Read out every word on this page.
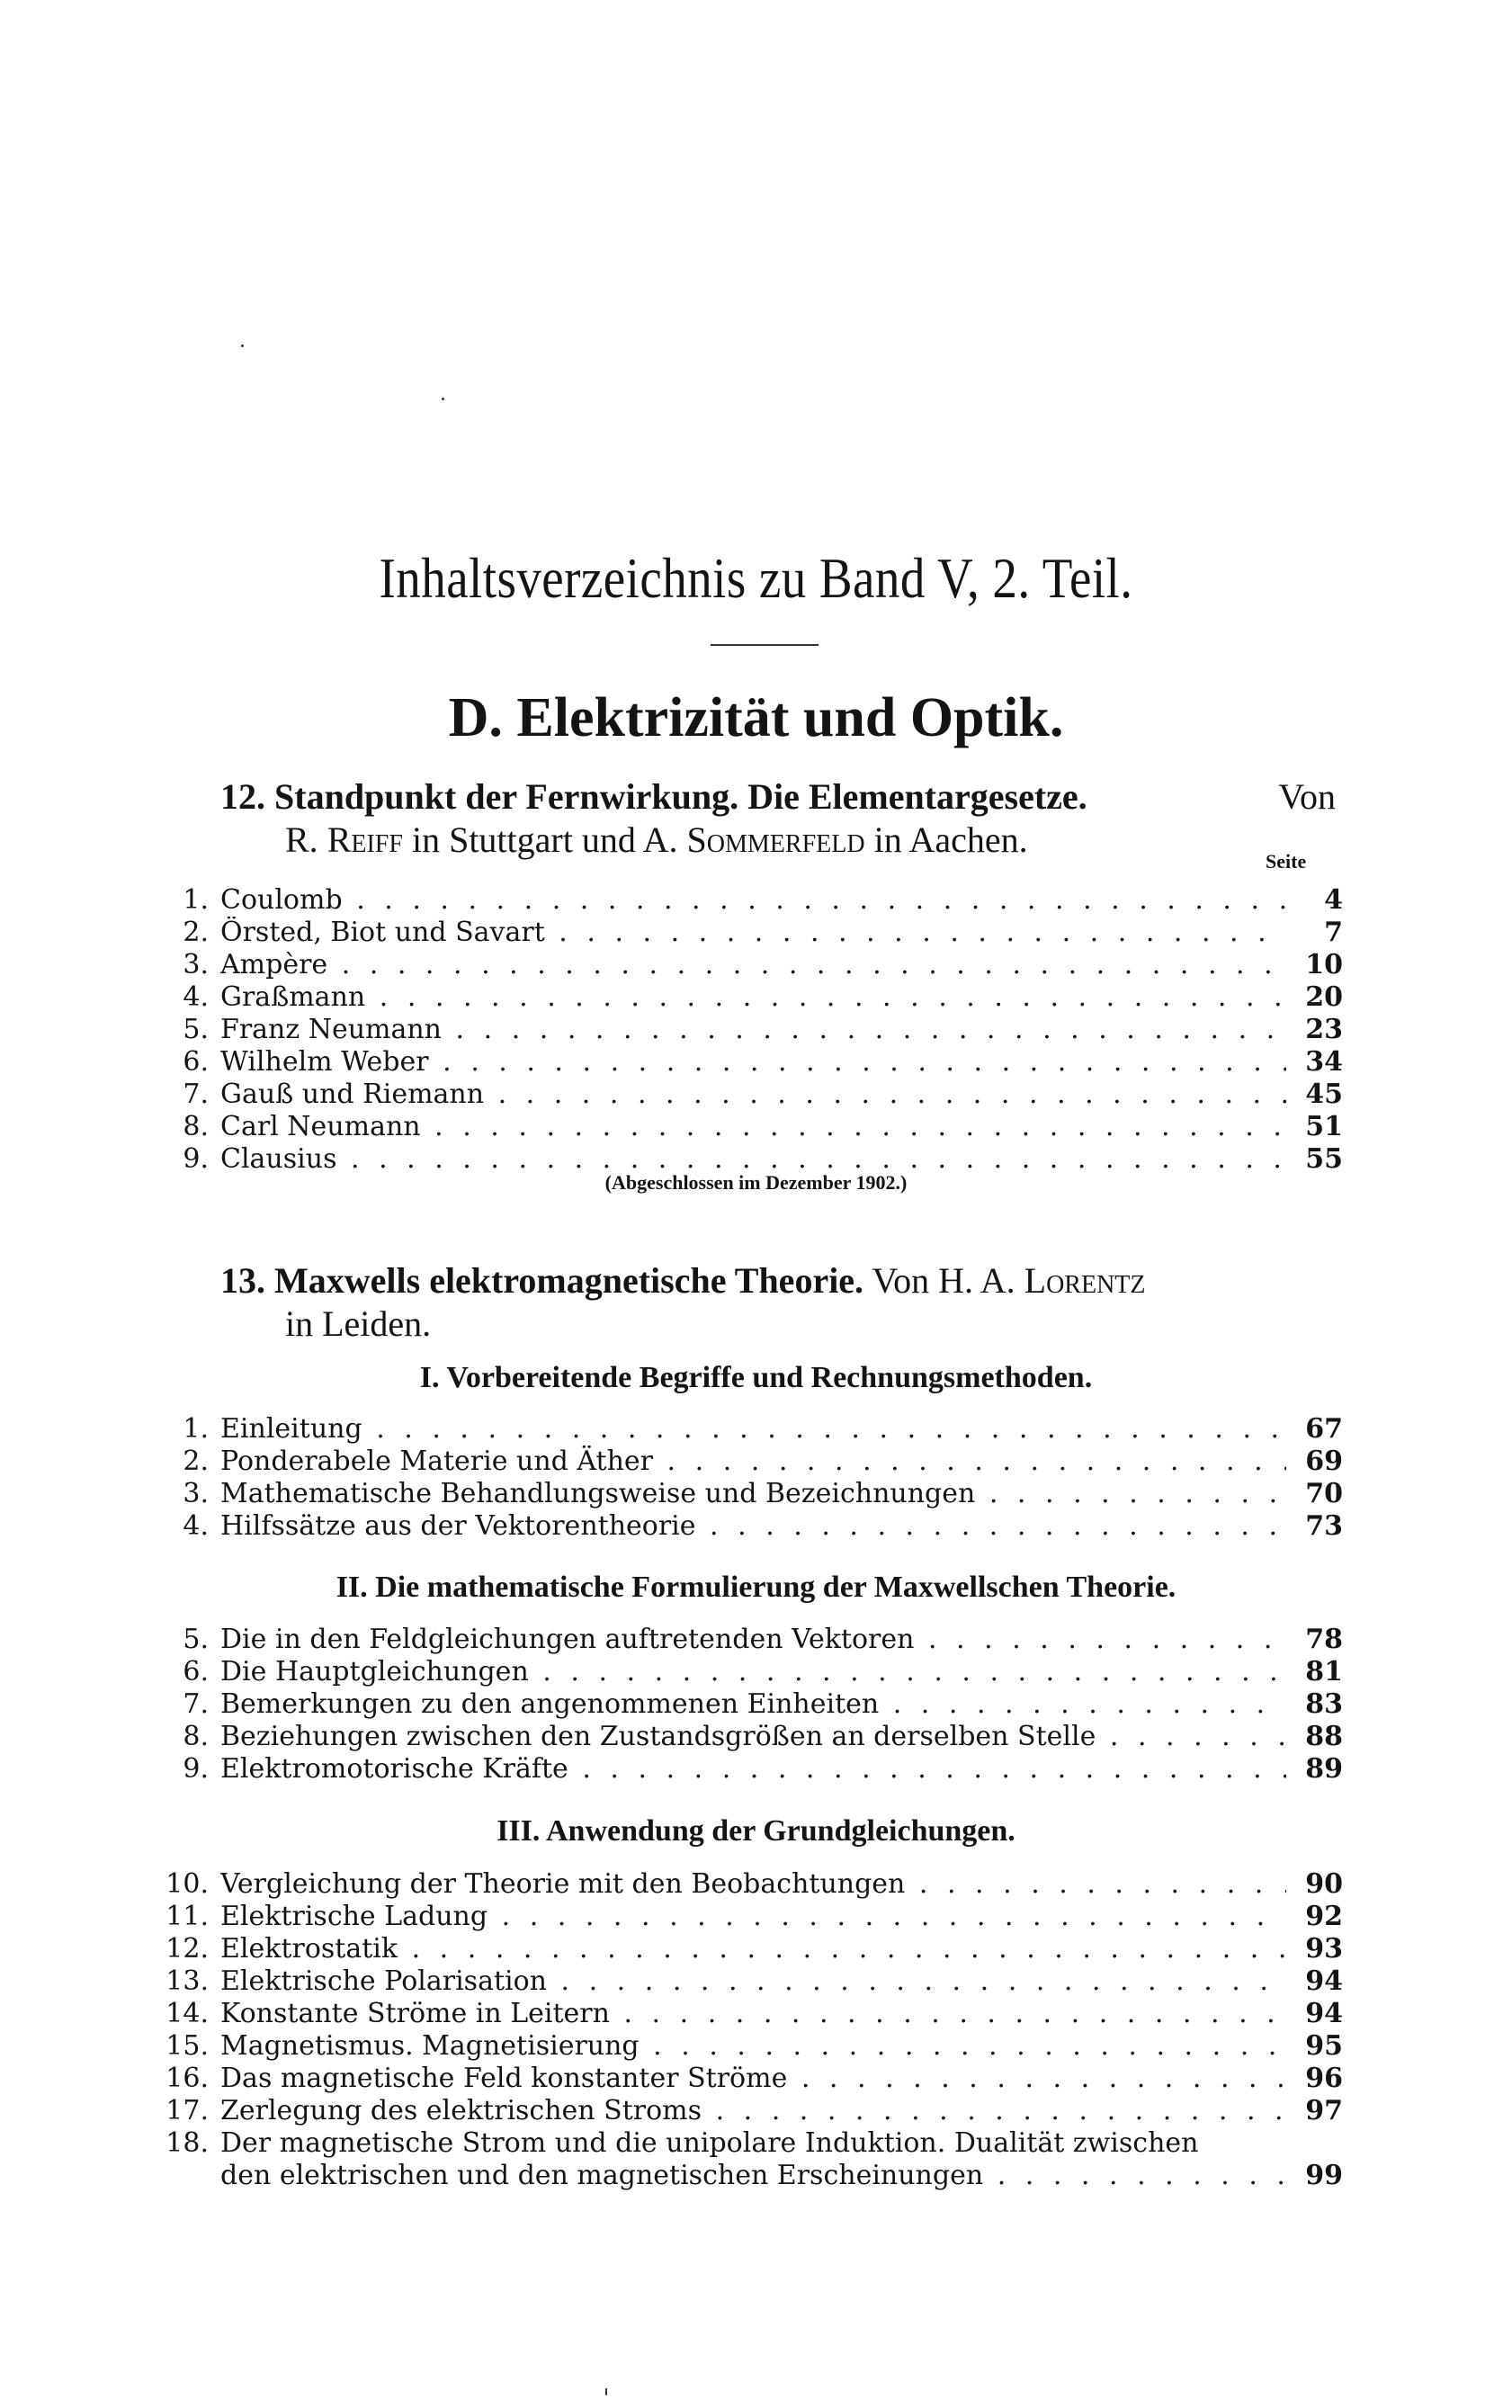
Inhaltsverzeichnis zu Band V, 2. Teil.
D. Elektrizität und Optik.
12. Standpunkt der Fernwirkung. Die Elementargesetze.	Von
R. Reiff in Stuttgart und A. Sommerfeld in Aachen.
Seite
1. Coulomb . . .	4
2. Örsted, Biot und Savart . . .	7
3. Ampère . . .	10
4. Graßmann . . .	20
5. Franz Neumann . . .	23
6. Wilhelm Weber . . .	34
7. Gauß und Riemann . . .	45
8. Carl Neumann . . .	51
9. Clausius . . .	55
(Abgeschlossen im Dezember 1902.)
13. Maxwells elektromagnetische Theorie. Von H. A. Lorentz
in Leiden.
I. Vorbereitende Begriffe und Rechnungsmethoden.
1. Einleitung . . .	67
2. Ponderabele Materie und Äther . . .	69
3. Mathematische Behandlungsweise und Bezeichnungen . . .	70
4. Hilfssätze aus der Vektorentheorie . . .	73
II. Die mathematische Formulierung der Maxwellschen Theorie.
5. Die in den Feldgleichungen auftretenden Vektoren . . .	78
6. Die Hauptgleichungen . . .	81
7. Bemerkungen zu den angenommenen Einheiten . . .	83
8. Beziehungen zwischen den Zustandsgrößen an derselben Stelle . . .	88
9. Elektromotorische Kräfte . . .	89
III. Anwendung der Grundgleichungen.
10. Vergleichung der Theorie mit den Beobachtungen . . .	90
11. Elektrische Ladung . . .	92
12. Elektrostatik . . .	93
13. Elektrische Polarisation . . .	94
14. Konstante Ströme in Leitern . . .	94
15. Magnetismus. Magnetisierung . . .	95
16. Das magnetische Feld konstanter Ströme . . .	96
17. Zerlegung des elektrischen Stroms . . .	97
18. Der magnetische Strom und die unipolare Induktion. Dualität zwischen
den elektrischen und den magnetischen Erscheinungen . . .	99
